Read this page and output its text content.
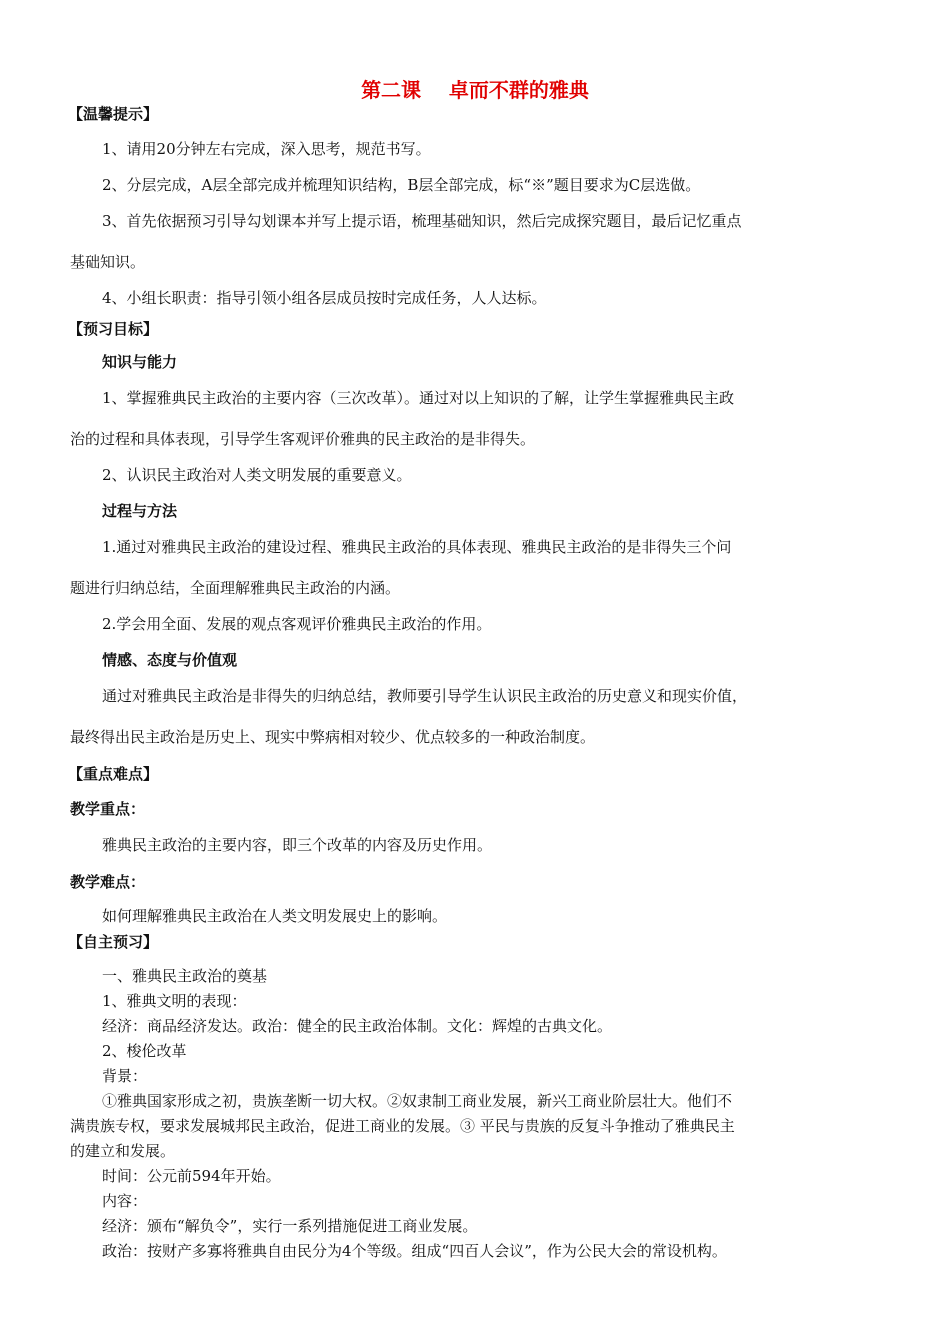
第二课    卓而不群的雅典
【温馨提示】
1、请用20分钟左右完成，深入思考，规范书写。
2、分层完成，A层全部完成并梳理知识结构，B层全部完成，标“※”题目要求为C层选做。
3、首先依据预习引导勾划课本并写上提示语，梳理基础知识，然后完成探究题目，最后记忆重点
基础知识。
4、小组长职责：指导引领小组各层成员按时完成任务，人人达标。
【预习目标】
知识与能力
1、掌握雅典民主政治的主要内容（三次改革）。通过对以上知识的了解，让学生掌握雅典民主政
治的过程和具体表现，引导学生客观评价雅典的民主政治的是非得失。
2、认识民主政治对人类文明发展的重要意义。
过程与方法
1.通过对雅典民主政治的建设过程、雅典民主政治的具体表现、雅典民主政治的是非得失三个问
题进行归纳总结，全面理解雅典民主政治的内涵。
2.学会用全面、发展的观点客观评价雅典民主政治的作用。
情感、态度与价值观
通过对雅典民主政治是非得失的归纳总结，教师要引导学生认识民主政治的历史意义和现实价值，
最终得出民主政治是历史上、现实中弊病相对较少、优点较多的一种政治制度。
【重点难点】
教学重点：
雅典民主政治的主要内容，即三个改革的内容及历史作用。
教学难点：
如何理解雅典民主政治在人类文明发展史上的影响。
【自主预习】
一、雅典民主政治的奠基
1、雅典文明的表现：
经济：商品经济发达。政治：健全的民主政治体制。文化：辉煌的古典文化。
2、梭伦改革
背景：
①雅典国家形成之初，贵族垄断一切大权。②奴隶制工商业发展，新兴工商业阶层壮大。他们不
满贵族专权，要求发展城邦民主政治，促进工商业的发展。③ 平民与贵族的反复斗争推动了雅典民主
的建立和发展。
时间：公元前594年开始。
内容：
经济：颁布“解负令”，实行一系列措施促进工商业发展。
政治：按财产多寡将雅典自由民分为4个等级。组成“四百人会议”，作为公民大会的常设机构。
